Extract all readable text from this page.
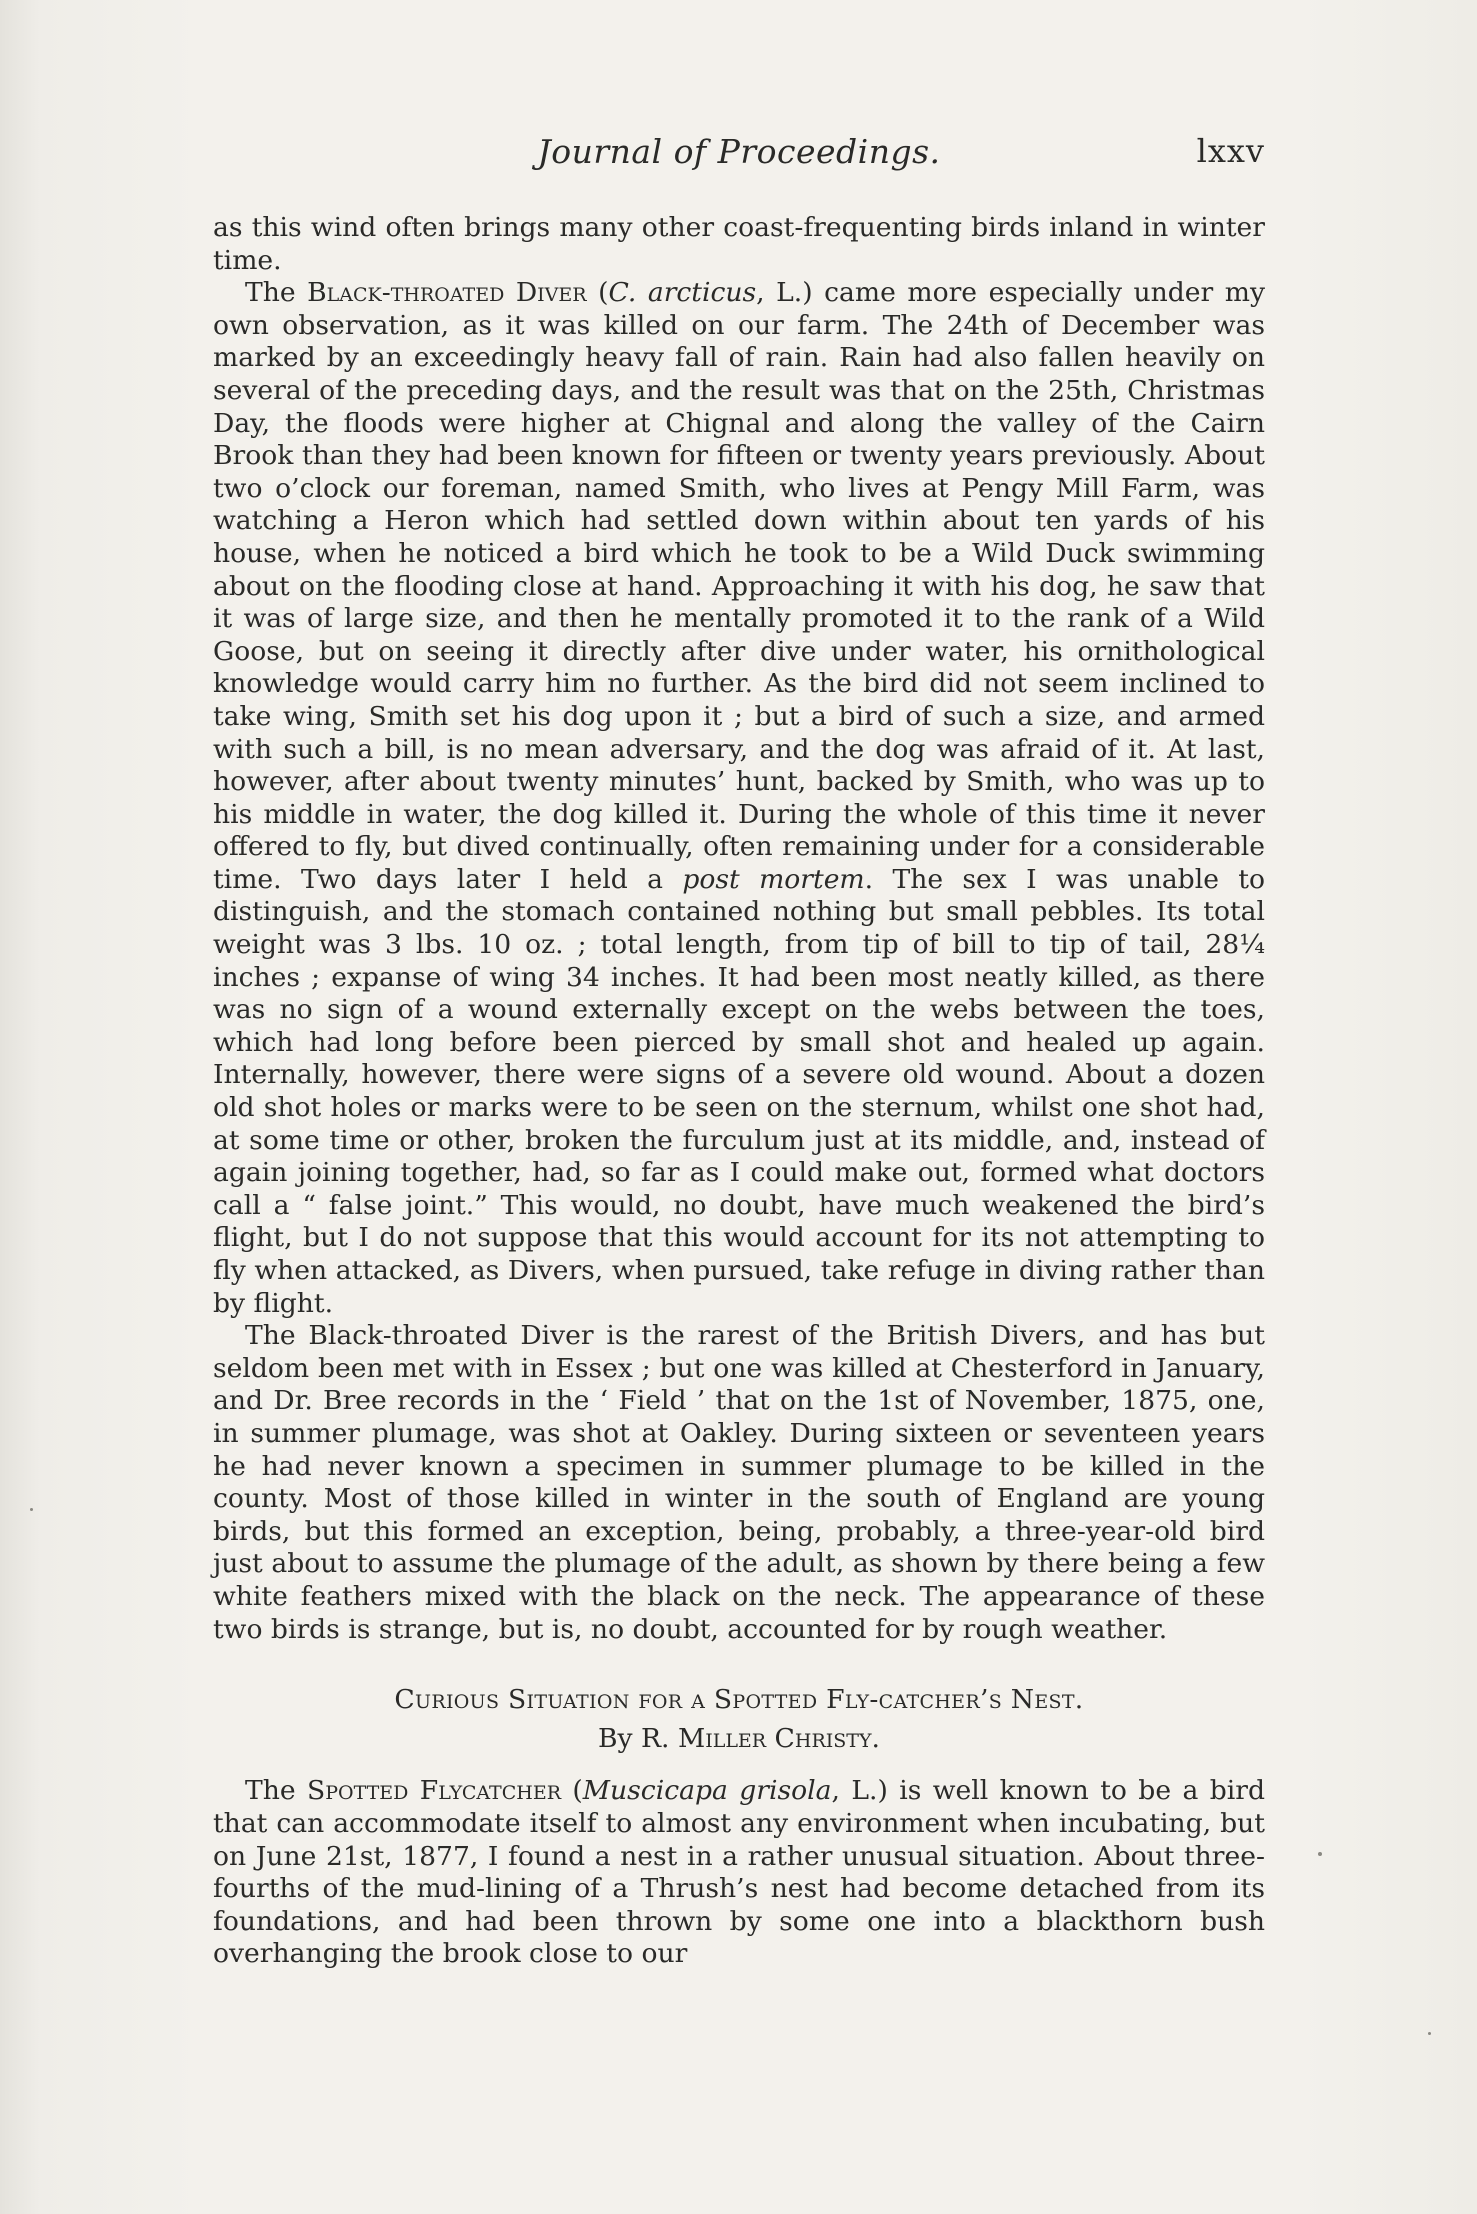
Journal of Proceedings.	lxxv

as this wind often brings many other coast-frequenting birds inland in winter time.

The Black-throated Diver (C. arcticus, L.) came more especially under my own observation, as it was killed on our farm. The 24th of December was marked by an exceedingly heavy fall of rain. Rain had also fallen heavily on several of the preceding days, and the result was that on the 25th, Christmas Day, the floods were higher at Chignal and along the valley of the Cairn Brook than they had been known for fifteen or twenty years previously. About two o’clock our foreman, named Smith, who lives at Pengy Mill Farm, was watching a Heron which had settled down within about ten yards of his house, when he noticed a bird which he took to be a Wild Duck swimming about on the flooding close at hand. Approaching it with his dog, he saw that it was of large size, and then he mentally promoted it to the rank of a Wild Goose, but on seeing it directly after dive under water, his ornithological knowledge would carry him no further. As the bird did not seem inclined to take wing, Smith set his dog upon it ; but a bird of such a size, and armed with such a bill, is no mean adversary, and the dog was afraid of it. At last, however, after about twenty minutes’ hunt, backed by Smith, who was up to his middle in water, the dog killed it. During the whole of this time it never offered to fly, but dived continually, often remaining under for a considerable time. Two days later I held a post mortem. The sex I was unable to distinguish, and the stomach contained nothing but small pebbles. Its total weight was 3 lbs. 10 oz. ; total length, from tip of bill to tip of tail, 28¼ inches ; expanse of wing 34 inches. It had been most neatly killed, as there was no sign of a wound externally except on the webs between the toes, which had long before been pierced by small shot and healed up again. Internally, however, there were signs of a severe old wound. About a dozen old shot holes or marks were to be seen on the sternum, whilst one shot had, at some time or other, broken the furculum just at its middle, and, instead of again joining together, had, so far as I could make out, formed what doctors call a “ false joint.” This would, no doubt, have much weakened the bird’s flight, but I do not suppose that this would account for its not attempting to fly when attacked, as Divers, when pursued, take refuge in diving rather than by flight.

The Black-throated Diver is the rarest of the British Divers, and has but seldom been met with in Essex ; but one was killed at Chesterford in January, and Dr. Bree records in the ‘ Field ’ that on the 1st of November, 1875, one, in summer plumage, was shot at Oakley. During sixteen or seventeen years he had never known a specimen in summer plumage to be killed in the county. Most of those killed in winter in the south of England are young birds, but this formed an exception, being, probably, a three-year-old bird just about to assume the plumage of the adult, as shown by there being a few white feathers mixed with the black on the neck. The appearance of these two birds is strange, but is, no doubt, accounted for by rough weather.

Curious Situation for a Spotted Fly-catcher’s Nest.
By R. Miller Christy.

The Spotted Flycatcher (Muscicapa grisola, L.) is well known to be a bird that can accommodate itself to almost any environment when incubating, but on June 21st, 1877, I found a nest in a rather unusual situation. About three-fourths of the mud-lining of a Thrush’s nest had become detached from its foundations, and had been thrown by some one into a blackthorn bush overhanging the brook close to our
